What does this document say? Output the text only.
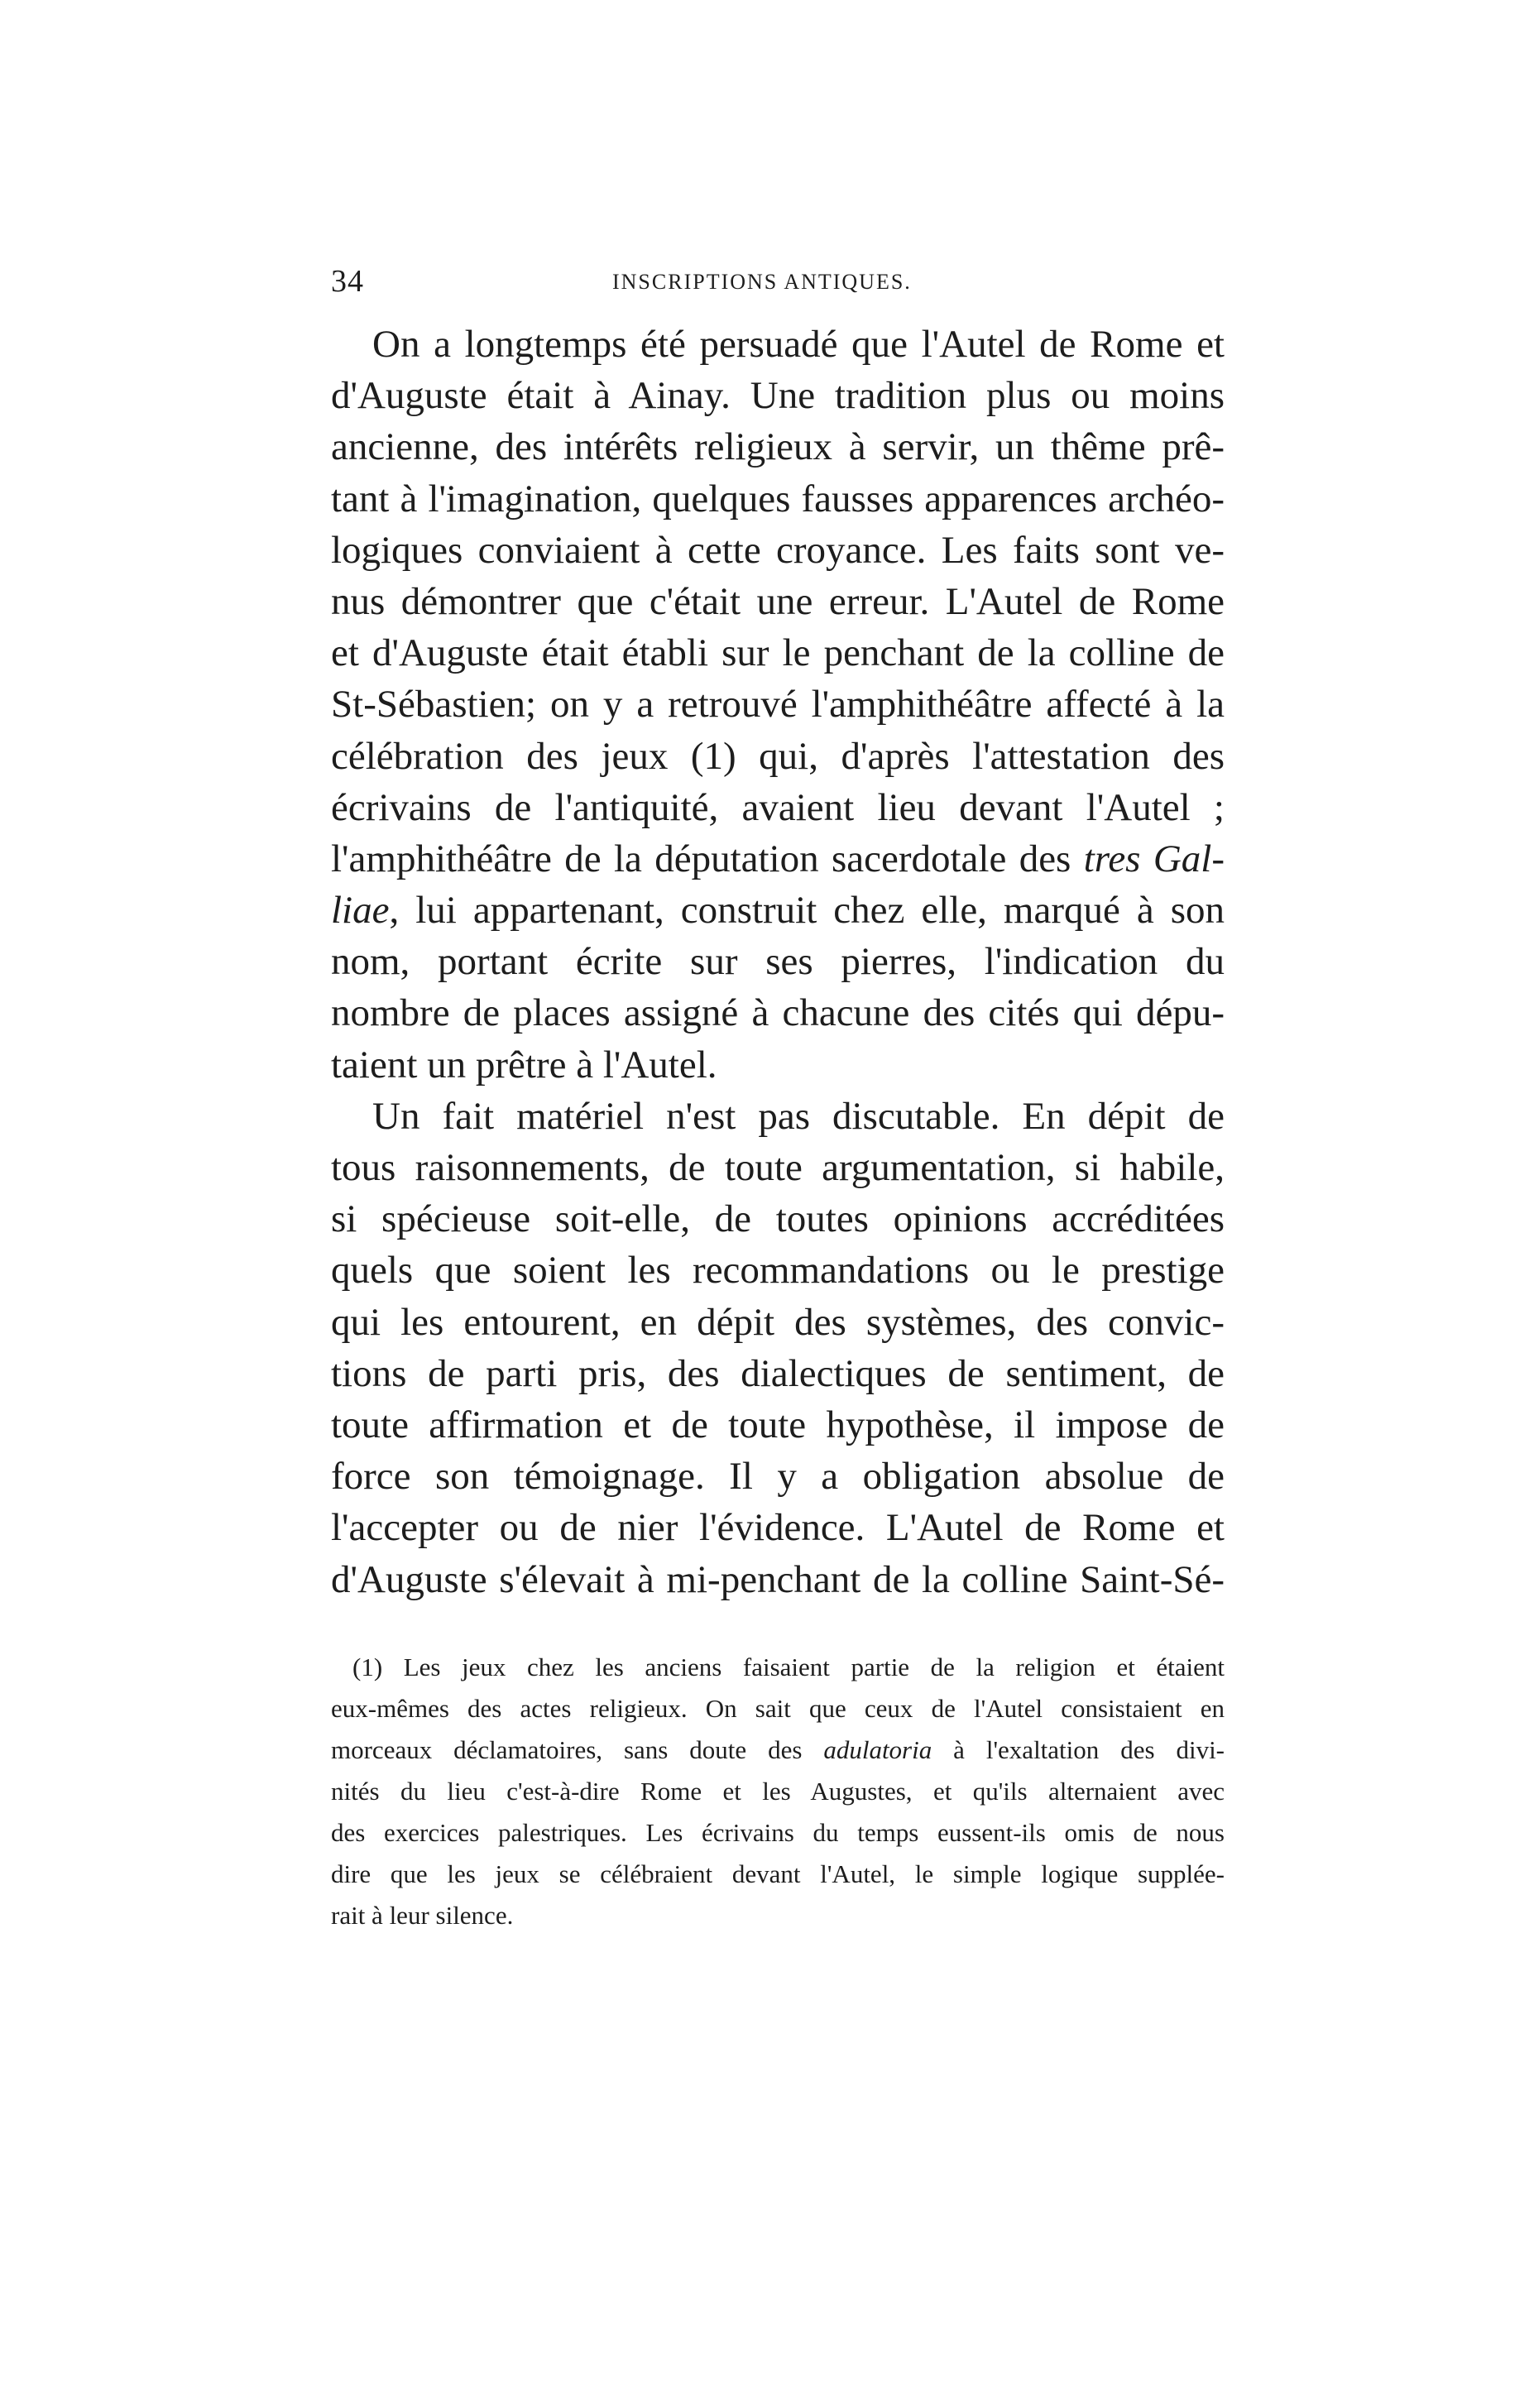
34	INSCRIPTIONS ANTIQUES.
On a longtemps été persuadé que l'Autel de Rome et
d'Auguste était à Ainay. Une tradition plus ou moins
ancienne, des intérêts religieux à servir, un thême prê-
tant à l'imagination, quelques fausses apparences archéo-
logiques conviaient à cette croyance. Les faits sont ve-
nus démontrer que c'était une erreur. L'Autel de Rome
et d'Auguste était établi sur le penchant de la colline de
St-Sébastien; on y a retrouvé l'amphithéâtre affecté à la
célébration des jeux (1) qui, d'après l'attestation des
écrivains de l'antiquité, avaient lieu devant l'Autel ;
l'amphithéâtre de la députation sacerdotale des tres Gal-
liae, lui appartenant, construit chez elle, marqué à son
nom, portant écrite sur ses pierres, l'indication du
nombre de places assigné à chacune des cités qui dépu-
taient un prêtre à l'Autel.
Un fait matériel n'est pas discutable. En dépit de
tous raisonnements, de toute argumentation, si habile,
si spécieuse soit-elle, de toutes opinions accréditées
quels que soient les recommandations ou le prestige
qui les entourent, en dépit des systèmes, des convic-
tions de parti pris, des dialectiques de sentiment, de
toute affirmation et de toute hypothèse, il impose de
force son témoignage. Il y a obligation absolue de
l'accepter ou de nier l'évidence. L'Autel de Rome et
d'Auguste s'élevait à mi-penchant de la colline Saint-Sé-
(1) Les jeux chez les anciens faisaient partie de la religion et étaient
eux-mêmes des actes religieux. On sait que ceux de l'Autel consistaient en
morceaux déclamatoires, sans doute des adulatoria à l'exaltation des divi-
nités du lieu c'est-à-dire Rome et les Augustes, et qu'ils alternaient avec
des exercices palestriques. Les écrivains du temps eussent-ils omis de nous
dire que les jeux se célébraient devant l'Autel, le simple logique supplée-
rait à leur silence.
